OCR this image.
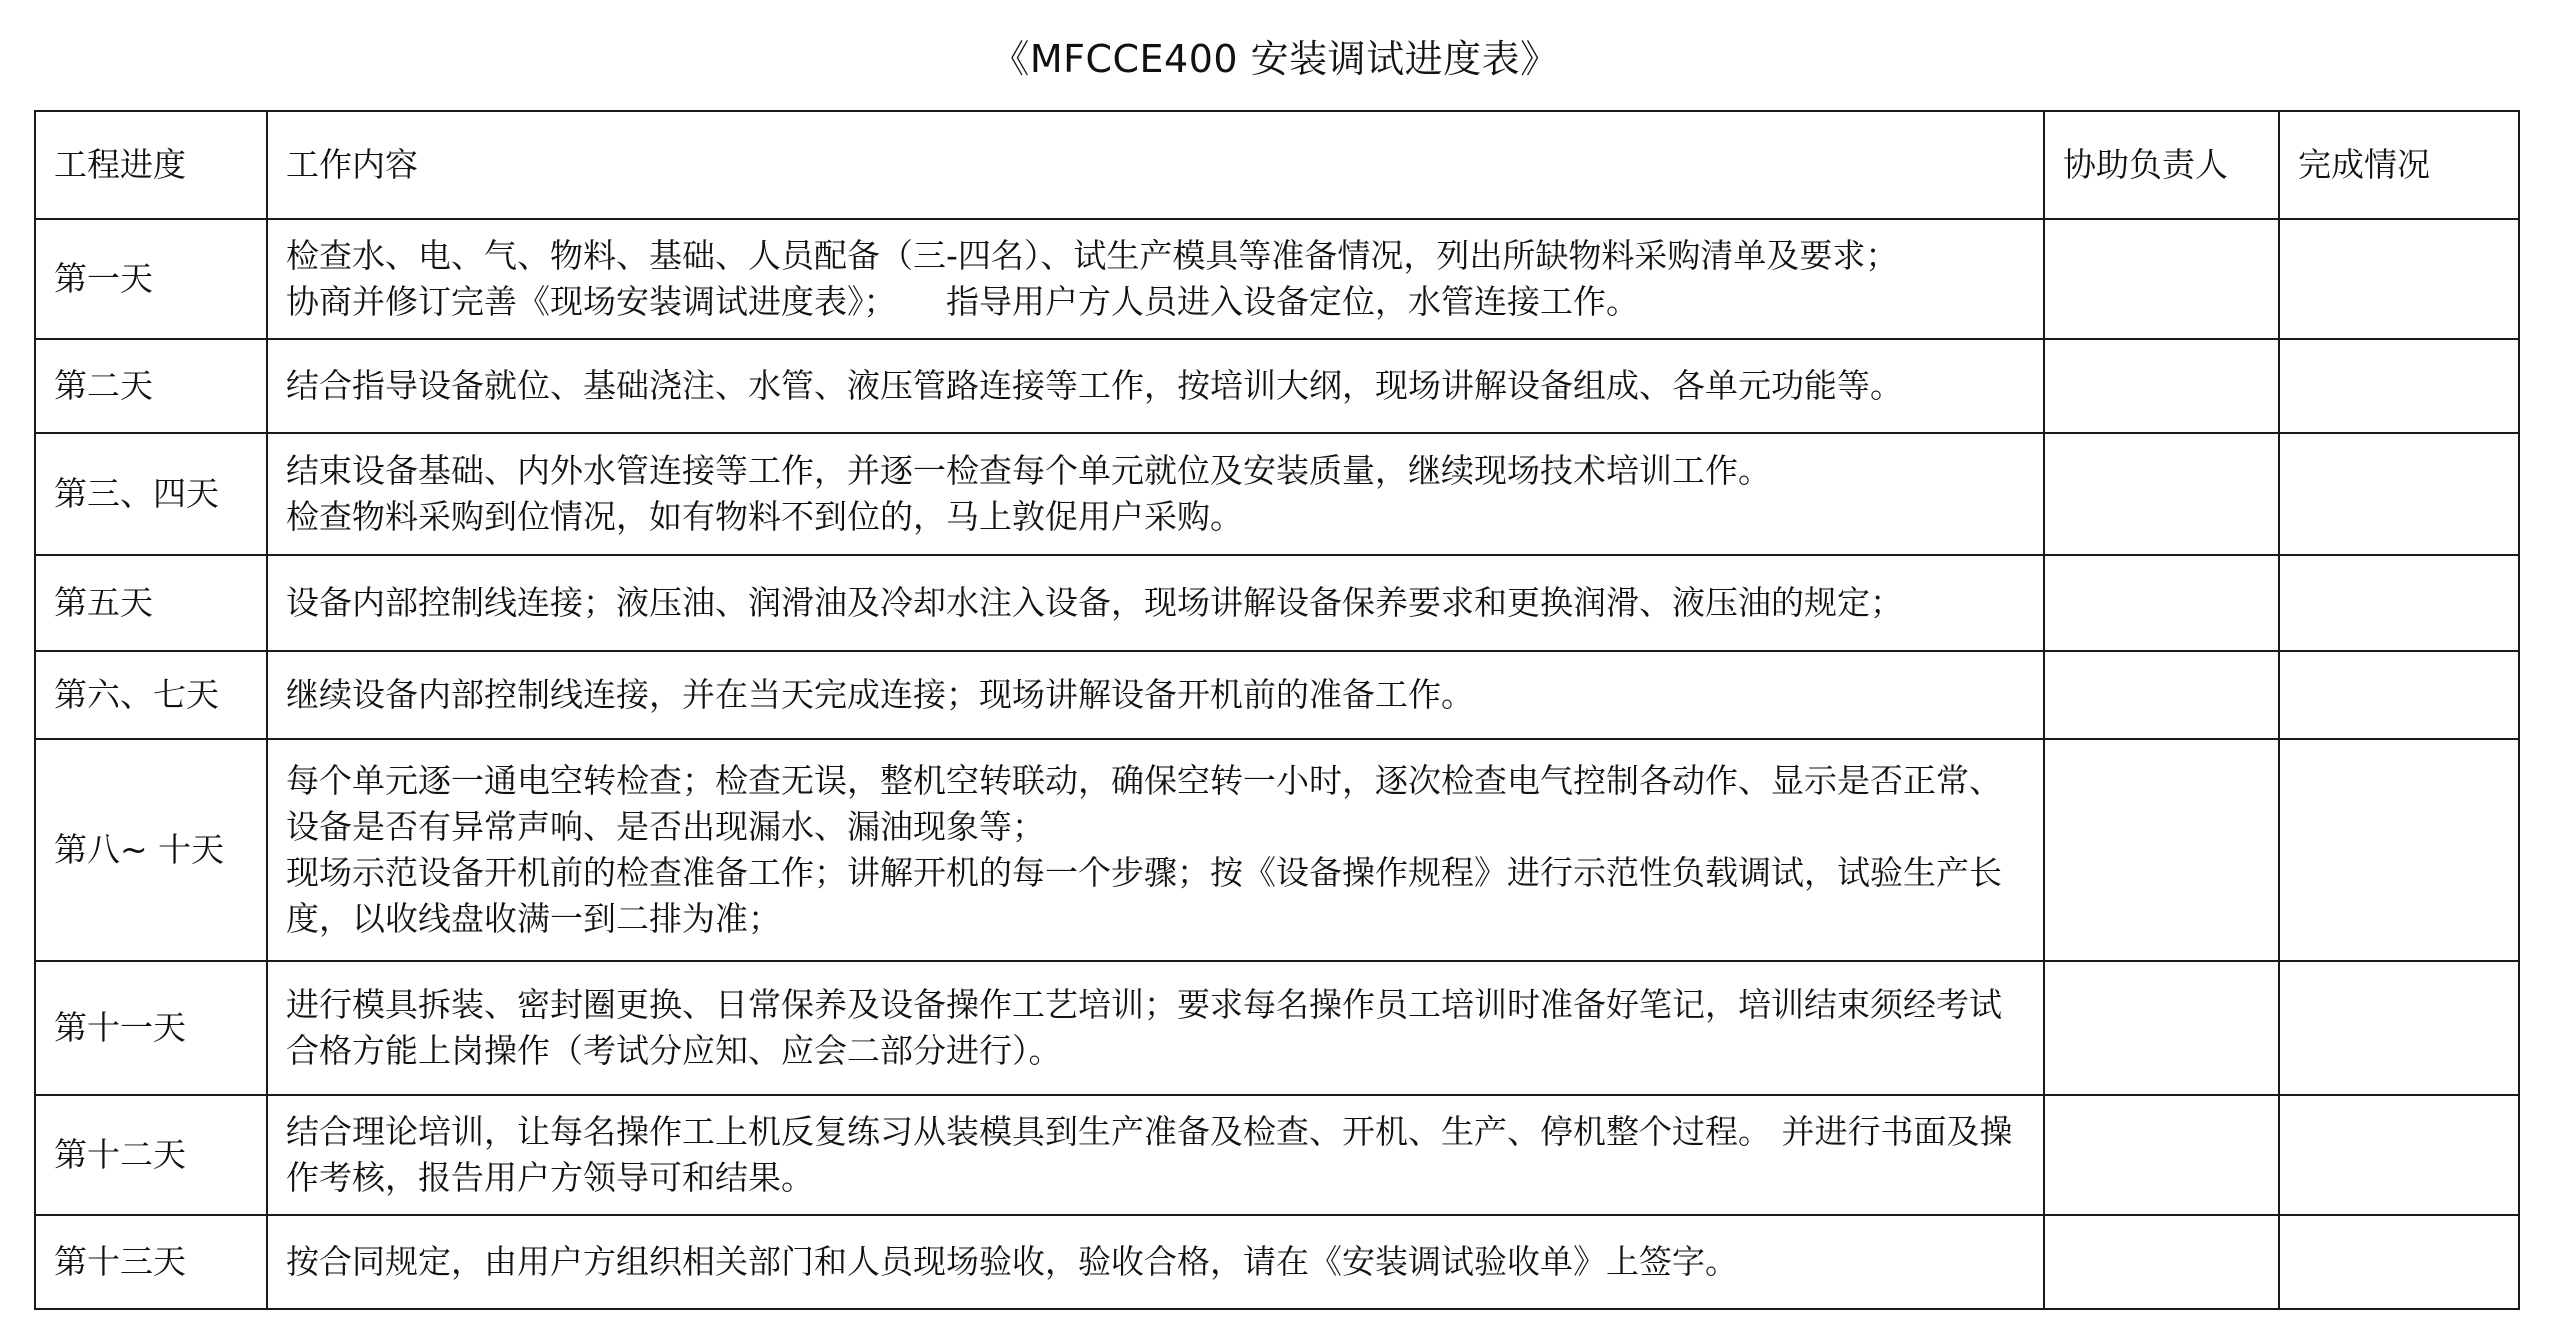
《MFCCE400 安装调试进度表》
工程进度	工作内容	协助负责人	完成情况
第一天	检查水、电、气、物料、基础、人员配备（三-四名）、试生产模具等准备情况，列出所缺物料采购清单及要求；
协商并修订完善《现场安装调试进度表》；　　指导用户方人员进入设备定位，水管连接工作。		
第二天	结合指导设备就位、基础浇注、水管、液压管路连接等工作，按培训大纲，现场讲解设备组成、各单元功能等。		
第三、四天	结束设备基础、内外水管连接等工作，并逐一检查每个单元就位及安装质量，继续现场技术培训工作。
检查物料采购到位情况，如有物料不到位的，马上敦促用户采购。		
第五天	设备内部控制线连接；液压油、润滑油及冷却水注入设备，现场讲解设备保养要求和更换润滑、液压油的规定；		
第六、七天	继续设备内部控制线连接，并在当天完成连接；现场讲解设备开机前的准备工作。		
第八~ 十天	每个单元逐一通电空转检查；检查无误，整机空转联动，确保空转一小时，逐次检查电气控制各动作、显示是否正常、设备是否有异常声响、是否出现漏水、漏油现象等；
现场示范设备开机前的检查准备工作；讲解开机的每一个步骤；按《设备操作规程》进行示范性负载调试，试验生产长度，以收线盘收满一到二排为准；		
第十一天	进行模具拆装、密封圈更换、日常保养及设备操作工艺培训；要求每名操作员工培训时准备好笔记，培训结束须经考试合格方能上岗操作（考试分应知、应会二部分进行）。		
第十二天	结合理论培训，让每名操作工上机反复练习从装模具到生产准备及检查、开机、生产、停机整个过程。 并进行书面及操作考核，报告用户方领导可和结果。		
第十三天	按合同规定，由用户方组织相关部门和人员现场验收，验收合格，请在《安装调试验收单》上签字。		
